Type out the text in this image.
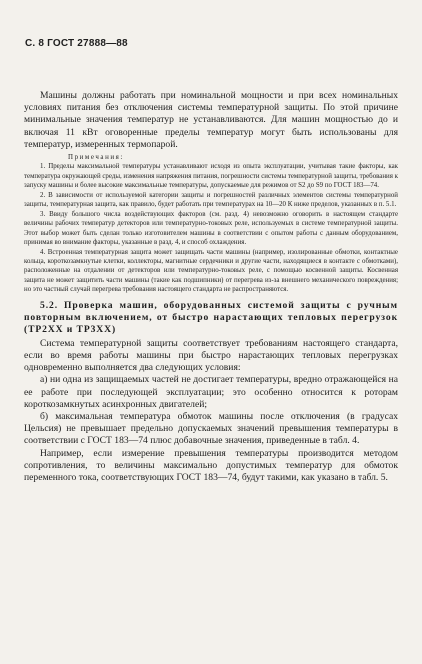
С. 8 ГОСТ 27888—88

Машины должны работать при номинальной мощности и при всех номинальных условиях питания без отключения системы температурной защиты. По этой причине минимальные значения температур не устанавливаются. Для машин мощностью до и включая 11 кВт оговоренные пределы температур могут быть использованы для температур, измеренных термопарой.

Примечания:

1. Пределы максимальной температуры устанавливают исходя из опыта эксплуатации, учитывая такие факторы, как температура окружающей среды, изменения напряжения питания, погрешности системы температурной защиты, требования к запуску машины и более высокие максимальные температуры, допускаемые для режимов от S2 до S9 по ГОСТ 183—74.

2. В зависимости от используемой категории защиты и погрешностей различных элементов системы температурной защиты, температурная защита, как правило, будет работать при температурах на 10—20 К ниже пределов, указанных в п. 5.1.

3. Ввиду большого числа воздействующих факторов (см. разд. 4) невозможно оговорить в настоящем стандарте величины рабочих температур детекторов или температурно-токовых реле, используемых в системе температурной защиты. Этот выбор может быть сделан только изготовителем машины в соответствии с опытом работы с данным оборудованием, принимая во внимание факторы, указанные в разд. 4, и способ охлаждения.

4. Встроенная температурная защита может защищать части машины (например, изолированные обмотки, контактные кольца, короткозамкнутые клетки, коллекторы, магнитные сердечники и другие части, находящиеся в контакте с обмотками), расположенные на отдалении от детекторов или температурно-токовых реле, с помощью косвенной защиты. Косвенная защита не может защитить части машины (такие как подшипники) от перегрева из-за внешнего механического повреждения; но это частный случай перегрева требования настоящего стандарта не распространяются.

5.2. Проверка машин, оборудованных системой защиты с ручным повторным включением, от быстро нарастающих тепловых перегрузок (ТР2XX и ТР3XX)

Система температурной защиты соответствует требованиям настоящего стандарта, если во время работы машины при быстро нарастающих тепловых перегрузках одновременно выполняется два следующих условия:

а) ни одна из защищаемых частей не достигает температуры, вредно отражающейся на ее работе при последующей эксплуатации; это особенно относится к роторам короткозамкнутых асинхронных двигателей;

б) максимальная температура обмоток машины после отключения (в градусах Цельсия) не превышает предельно допускаемых значений превышения температуры в соответствии с ГОСТ 183—74 плюс добавочные значения, приведенные в табл. 4.

Например, если измерение превышения температуры производится методом сопротивления, то величины максимально допустимых температур для обмоток переменного тока, соответствующих ГОСТ 183—74, будут такими, как указано в табл. 5.
